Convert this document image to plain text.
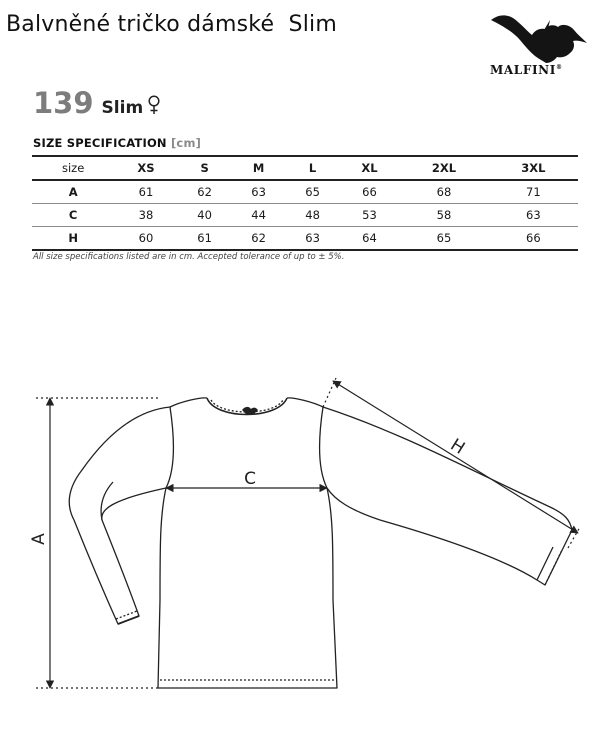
Balvněné tričko dámské  Slim
MALFINI®
139 Slim
SIZE SPECIFICATION [cm]
size	XS	S	M	L	XL	2XL	3XL
A	61	62	63	65	66	68	71
C	38	40	44	48	53	58	63
H	60	61	62	63	64	65	66
All size specifications listed are in cm. Accepted tolerance of up to ± 5%.
A
C
H
